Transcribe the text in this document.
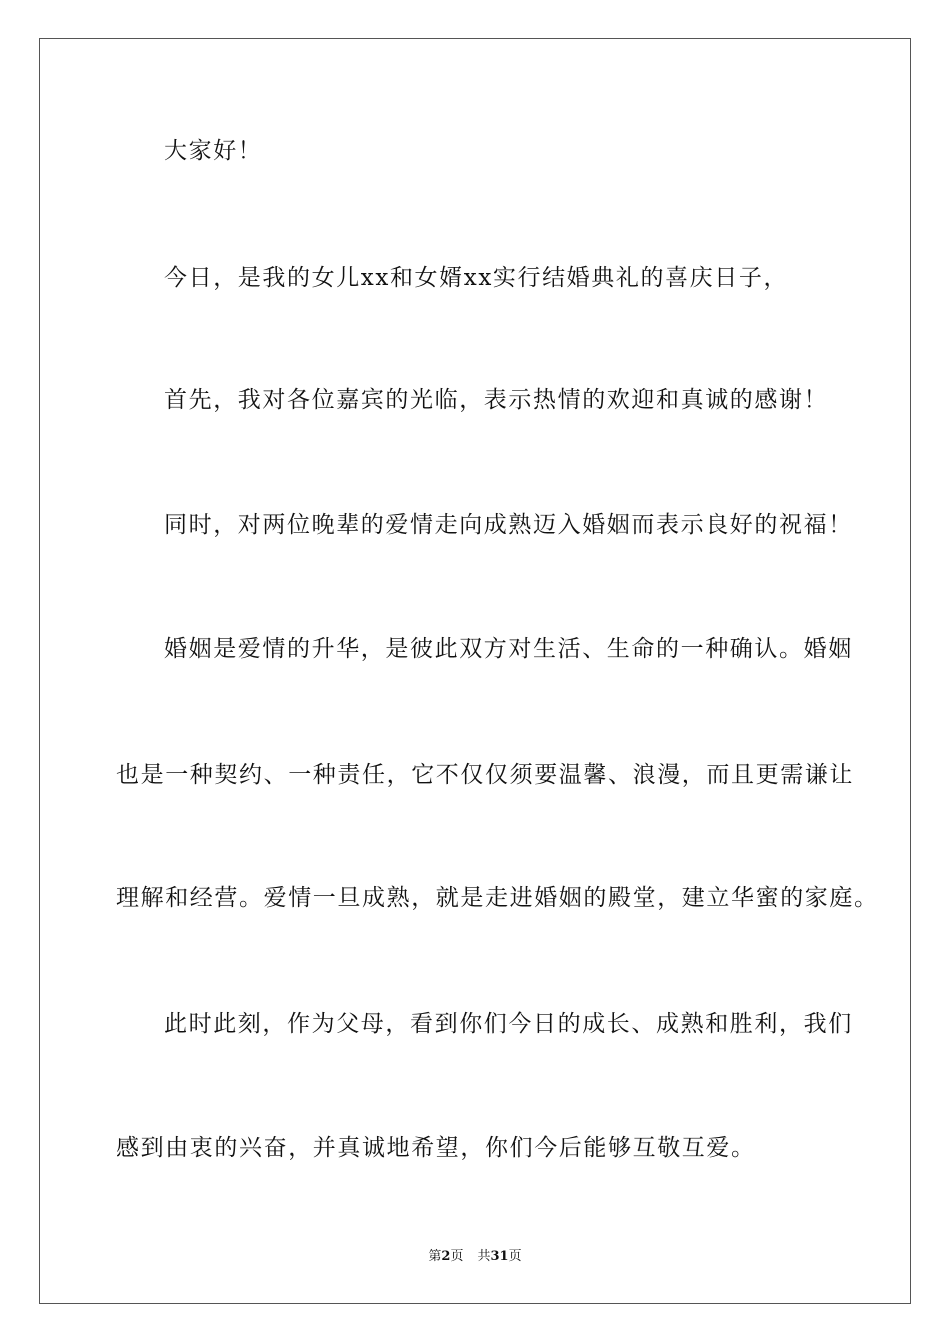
大家好！
今日，是我的女儿xx和女婿xx实行结婚典礼的喜庆日子，
首先，我对各位嘉宾的光临，表示热情的欢迎和真诚的感谢！
同时，对两位晚辈的爱情走向成熟迈入婚姻而表示良好的祝福！
婚姻是爱情的升华，是彼此双方对生活、生命的一种确认。婚姻
也是一种契约、一种责任，它不仅仅须要温馨、浪漫，而且更需谦让
理解和经营。爱情一旦成熟，就是走进婚姻的殿堂，建立华蜜的家庭。
此时此刻，作为父母，看到你们今日的成长、成熟和胜利，我们
感到由衷的兴奋，并真诚地希望，你们今后能够互敬互爱。
第2页 共31页
